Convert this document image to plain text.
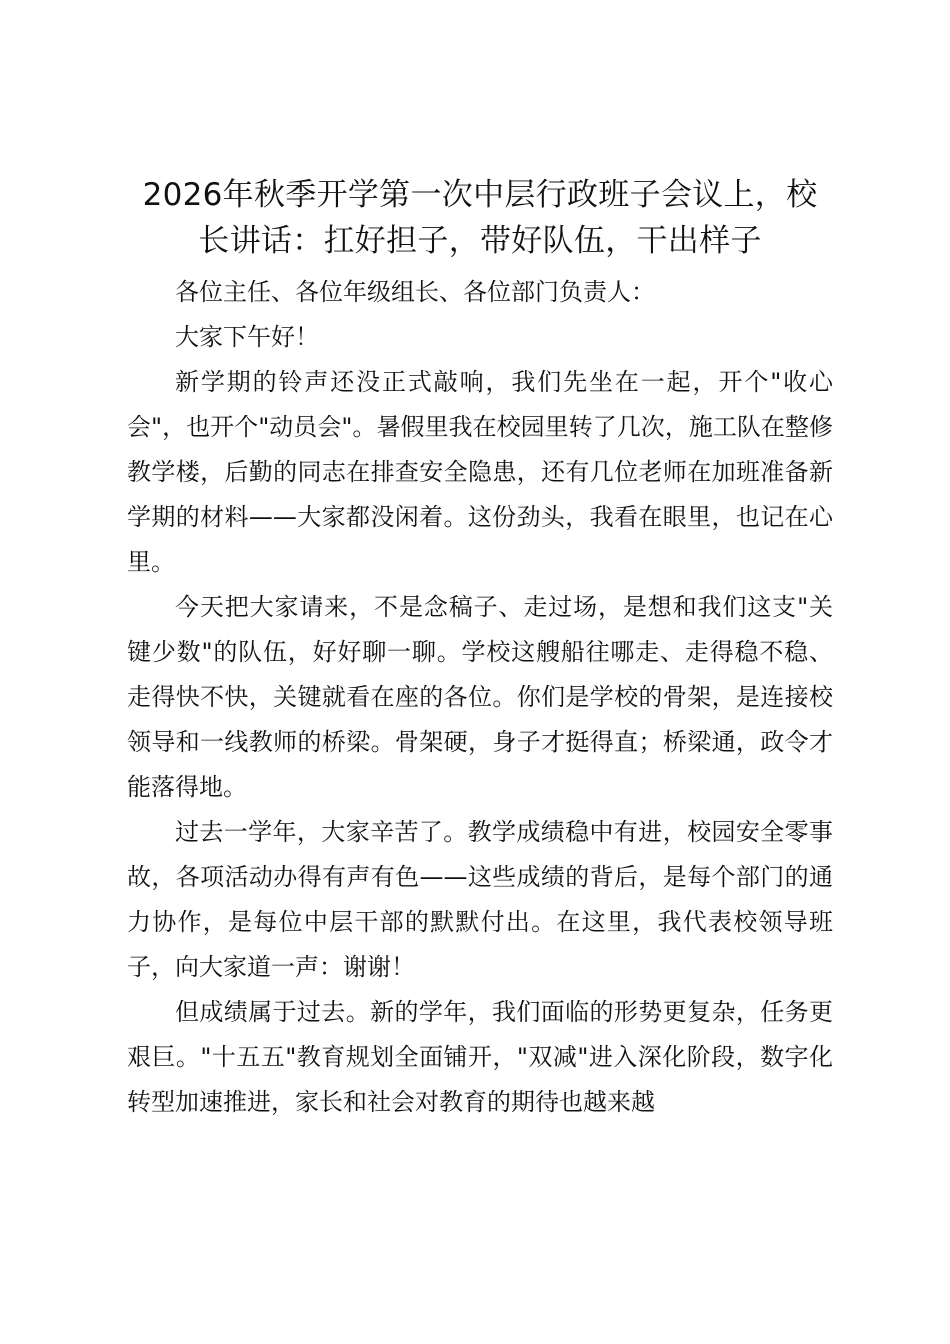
2026年秋季开学第一次中层行政班子会议上，校长讲话：扛好担子，带好队伍，干出样子

各位主任、各位年级组长、各位部门负责人：

大家下午好！

新学期的铃声还没正式敲响，我们先坐在一起，开个"收心会"，也开个"动员会"。暑假里我在校园里转了几次，施工队在整修教学楼，后勤的同志在排查安全隐患，还有几位老师在加班准备新学期的材料——大家都没闲着。这份劲头，我看在眼里，也记在心里。

今天把大家请来，不是念稿子、走过场，是想和我们这支"关键少数"的队伍，好好聊一聊。学校这艘船往哪走、走得稳不稳、走得快不快，关键就看在座的各位。你们是学校的骨架，是连接校领导和一线教师的桥梁。骨架硬，身子才挺得直；桥梁通，政令才能落得地。

过去一学年，大家辛苦了。教学成绩稳中有进，校园安全零事故，各项活动办得有声有色——这些成绩的背后，是每个部门的通力协作，是每位中层干部的默默付出。在这里，我代表校领导班子，向大家道一声：谢谢！

但成绩属于过去。新的学年，我们面临的形势更复杂，任务更艰巨。"十五五"教育规划全面铺开，"双减"进入深化阶段，数字化转型加速推进，家长和社会对教育的期待也越来越
